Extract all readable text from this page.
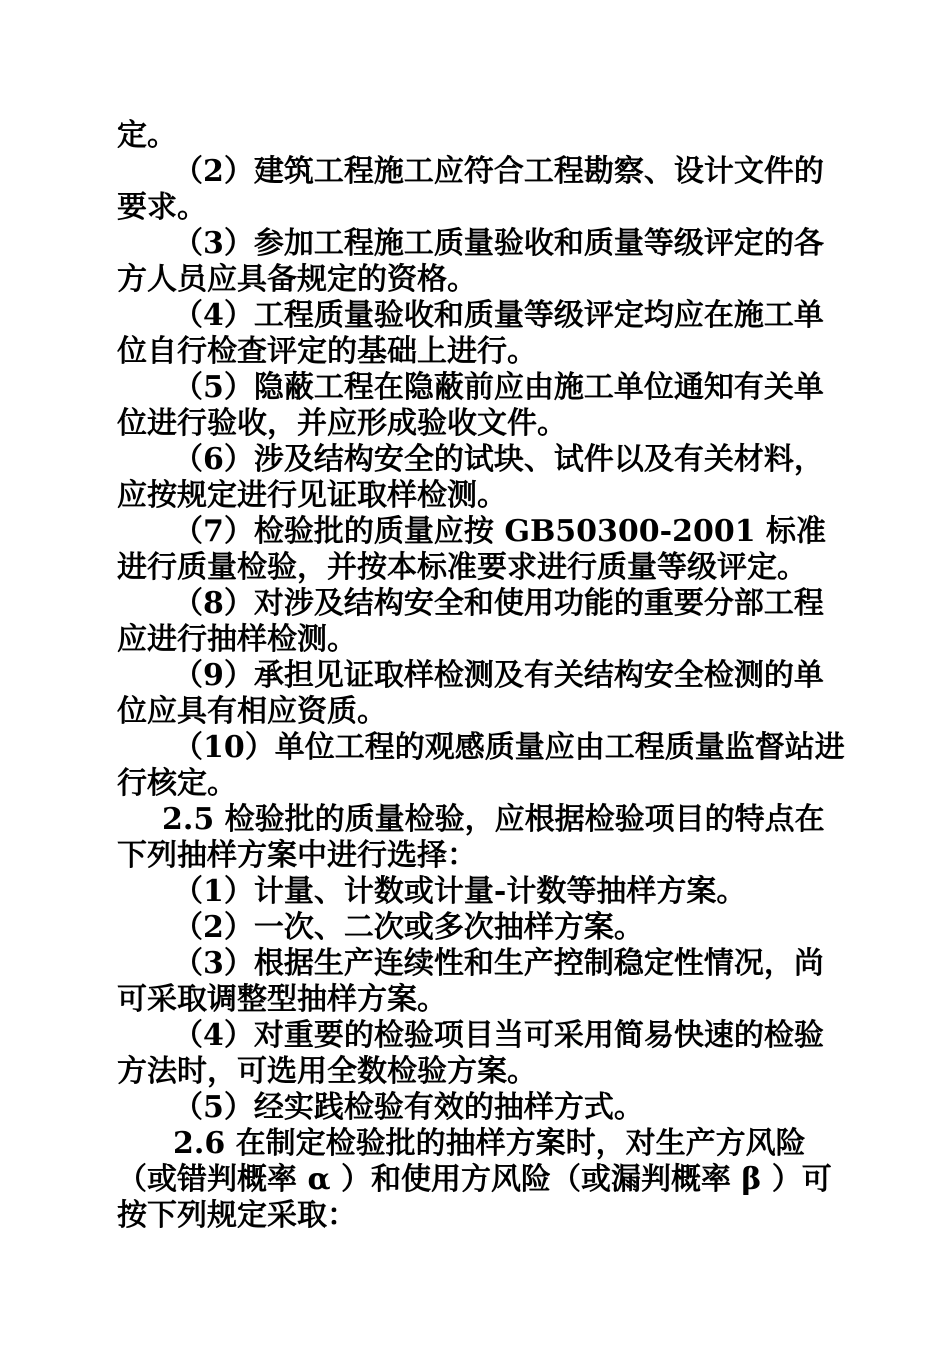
定。

（2）建筑工程施工应符合工程勘察、设计文件的要求。

（3）参加工程施工质量验收和质量等级评定的各方人员应具备规定的资格。

（4）工程质量验收和质量等级评定均应在施工单位自行检查评定的基础上进行。

（5）隐蔽工程在隐蔽前应由施工单位通知有关单位进行验收，并应形成验收文件。

（6）涉及结构安全的试块、试件以及有关材料，应按规定进行见证取样检测。

（7）检验批的质量应按 GB50300-2001 标准进行质量检验，并按本标准要求进行质量等级评定。

（8）对涉及结构安全和使用功能的重要分部工程应进行抽样检测。

（9）承担见证取样检测及有关结构安全检测的单位应具有相应资质。

（10）单位工程的观感质量应由工程质量监督站进行核定。

2.5 检验批的质量检验，应根据检验项目的特点在下列抽样方案中进行选择：

（1）计量、计数或计量-计数等抽样方案。

（2）一次、二次或多次抽样方案。

（3）根据生产连续性和生产控制稳定性情况，尚可采取调整型抽样方案。

（4）对重要的检验项目当可采用简易快速的检验方法时，可选用全数检验方案。

（5）经实践检验有效的抽样方式。

2.6 在制定检验批的抽样方案时，对生产方风险（或错判概率 α ）和使用方风险（或漏判概率 β ）可按下列规定采取：
